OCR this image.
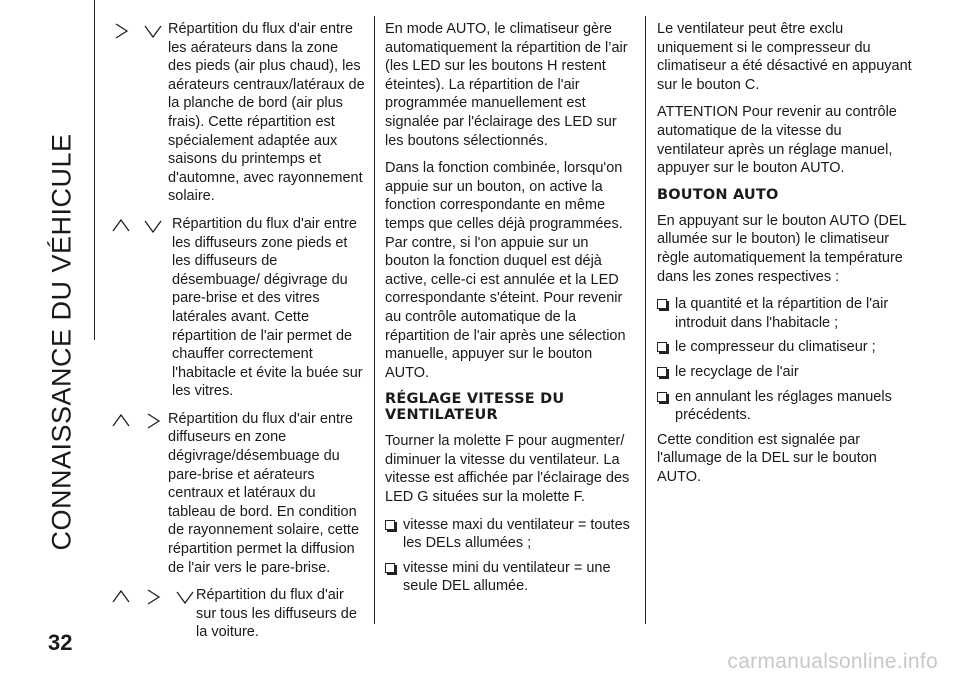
CONNAISSANCE DU VÉHICULE
32
Répartition du flux d'air entre les aérateurs dans la zone des pieds (air plus chaud), les aérateurs centraux/latéraux de la planche de bord (air plus frais). Cette répartition est spécialement adaptée aux saisons du printemps et d'automne, avec rayonnement solaire.
Répartition du flux d'air entre les diffuseurs zone pieds et les diffuseurs de désembuage/ dégivrage du pare-brise et des vitres latérales avant. Cette répartition de l'air permet de chauffer correctement l'habitacle et évite la buée sur les vitres.
Répartition du flux d'air entre diffuseurs en zone dégivrage/désembuage du pare-brise et aérateurs centraux et latéraux du tableau de bord. En condition de rayonnement solaire, cette répartition permet la diffusion de l'air vers le pare-brise.
Répartition du flux d'air sur tous les diffuseurs de la voiture.

En mode AUTO, le climatiseur gère automatiquement la répartition de l’air (les LED sur les boutons H restent éteintes). La répartition de l'air programmée manuellement est signalée par l'éclairage des LED sur les boutons sélectionnés.

Dans la fonction combinée, lorsqu'on appuie sur un bouton, on active la fonction correspondante en même temps que celles déjà programmées. Par contre, si l'on appuie sur un bouton la fonction duquel est déjà active, celle-ci est annulée et la LED correspondante s'éteint. Pour revenir au contrôle automatique de la répartition de l'air après une sélection manuelle, appuyer sur le bouton AUTO.

RÉGLAGE VITESSE DU VENTILATEUR

Tourner la molette F pour augmenter/ diminuer la vitesse du ventilateur. La vitesse est affichée par l'éclairage des LED G situées sur la molette F.

vitesse maxi du ventilateur = toutes les DELs allumées ;
vitesse mini du ventilateur = une seule DEL allumée.

Le ventilateur peut être exclu uniquement si le compresseur du climatiseur a été désactivé en appuyant sur le bouton C.

ATTENTION Pour revenir au contrôle automatique de la vitesse du ventilateur après un réglage manuel, appuyer sur le bouton AUTO.

BOUTON AUTO

En appuyant sur le bouton AUTO (DEL allumée sur le bouton) le climatiseur règle automatiquement la température dans les zones respectives :

la quantité et la répartition de l'air introduit dans l'habitacle ;
le compresseur du climatiseur ;
le recyclage de l'air
en annulant les réglages manuels précédents.

Cette condition est signalée par l'allumage de la DEL sur le bouton AUTO.

carmanualsonline.info
